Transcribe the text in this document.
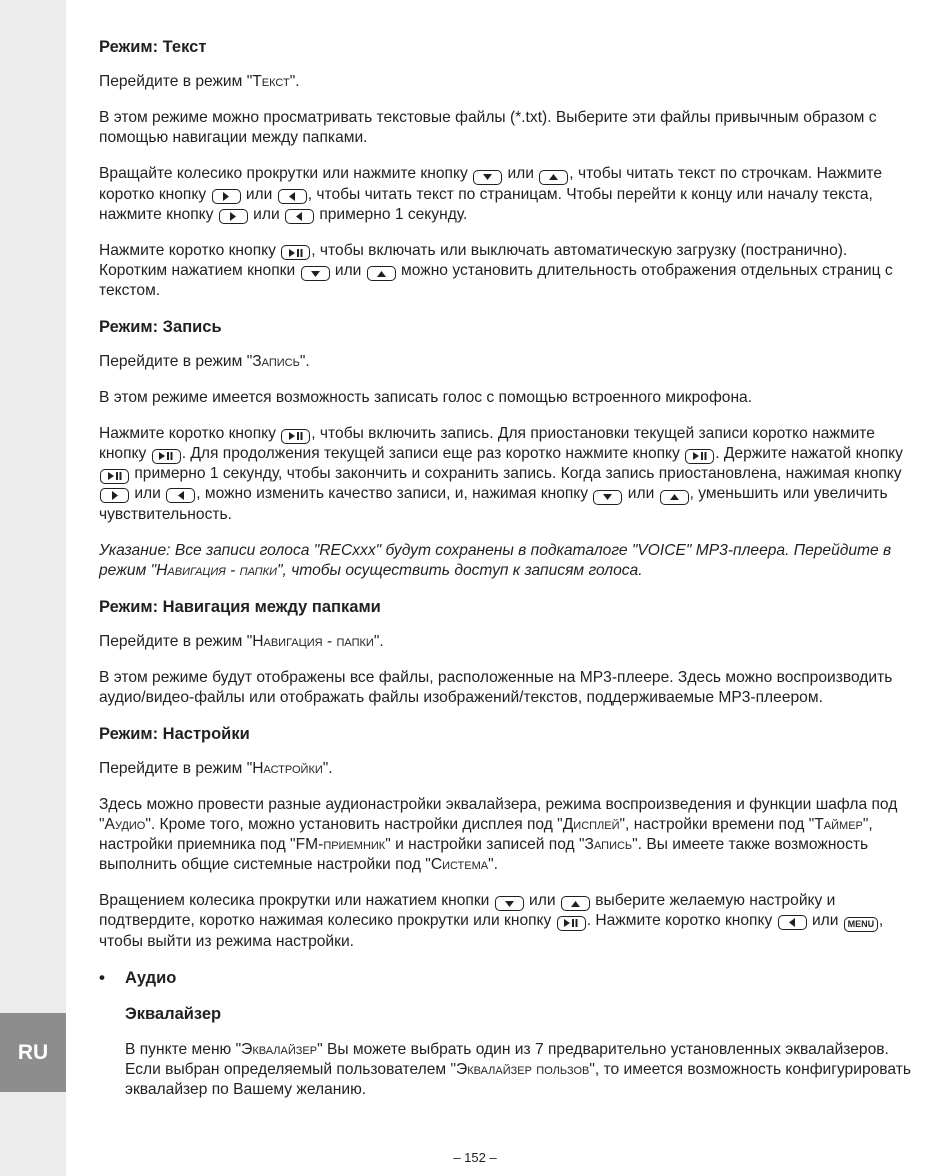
RU
Режим: Текст

Перейдите в режим "Текст".

В этом режиме можно просматривать текстовые файлы (*.txt). Выберите эти файлы привычным образом с помощью навигации между папками.

Вращайте колесико прокрутки или нажмите кнопку
или
, чтобы читать текст по строчкам. Нажмите коротко кнопку
или
, чтобы читать текст по страницам. Чтобы перейти к концу или началу текста, нажмите кнопку
или
примерно 1 секунду.

Нажмите коротко кнопку
, чтобы включать или выключать автоматическую загрузку (постранично). Коротким нажатием кнопки
или
можно установить длительность отображения отдельных страниц с текстом.

Режим: Запись

Перейдите в режим "Запись".

В этом режиме имеется возможность записать голос с помощью встроенного микрофона.

Нажмите коротко кнопку
, чтобы включить запись. Для приостановки текущей записи коротко нажмите кнопку
. Для продолжения текущей записи еще раз коротко нажмите кнопку
. Держите нажатой кнопку
примерно 1 секунду, чтобы закончить и сохранить запись. Когда запись приостановлена, нажимая кнопку
или
, можно изменить качество записи, и, нажимая кнопку
или
, уменьшить или увеличить чувствительность.

Указание: Все записи голоса "RECxxx" будут сохранены в подкаталоге "VOICE" MP3-плеера. Перейдите в режим "Навигация - папки", чтобы осуществить доступ к записям голоса.

Режим: Навигация между папками

Перейдите в режим "Навигация - папки".

В этом режиме будут отображены все файлы, расположенные на MP3-плеере. Здесь можно воспроизводить аудио/видео-файлы или отображать файлы изображений/текстов, поддерживаемые MP3-плеером.

Режим: Настройки

Перейдите в режим "Настройки".

Здесь можно провести разные аудионастройки эквалайзера, режима воспроизведения и функции шафла под "Аудио". Кроме того, можно установить настройки дисплея под "Дисплей", настройки времени под "Таймер", настройки приемника под "FM-приемник" и настройки записей под "Запись". Вы имеете также возможность выполнить общие системные настройки под "Система".

Вращением колесика прокрутки или нажатием кнопки
или
выберите желаемую настройку и подтвердите, коротко нажимая колесико прокрутки или кнопку
. Нажмите коротко кнопку
или MENU , чтобы выйти из режима настройки.

•	Аудио
Эквалайзер

В пункте меню "Эквалайзер" Вы можете выбрать один из 7 предварительно установленных эквалайзеров.

Если выбран определяемый пользователем "Эквалайзер пользов", то имеется возможность конфигурировать эквалайзер по Вашему желанию.

– 152 –
